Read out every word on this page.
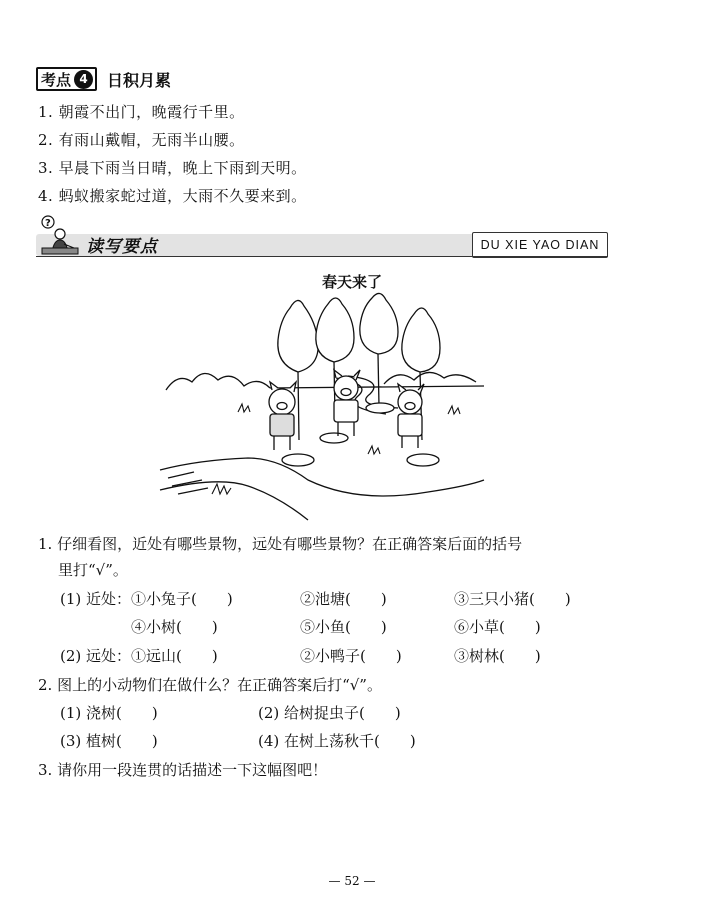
考点 4	日积月累
1. 朝霞不出门，晚霞行千里。
2. 有雨山戴帽，无雨半山腰。
3. 早晨下雨当日晴，晚上下雨到天明。
4. 蚂蚁搬家蛇过道，大雨不久要来到。
?
读写要点	DU XIE YAO DIAN
春天来了
1. 仔细看图，近处有哪些景物，远处有哪些景物？在正确答案后面的括号
里打“√”。
(1) 近处： ①小兔子(　　)	②池塘(　　)	③三只小猪(　　)
④小树(　　)	⑤小鱼(　　)	⑥小草(　　)
(2) 远处： ①远山(　　)	②小鸭子(　　)	③树林(　　)
2. 图上的小动物们在做什么？在正确答案后打“√”。
(1) 浇树(　　)	(2) 给树捉虫子(　　)
(3) 植树(　　)	(4) 在树上荡秋千(　　)
3. 请你用一段连贯的话描述一下这幅图吧！
— 52 —
